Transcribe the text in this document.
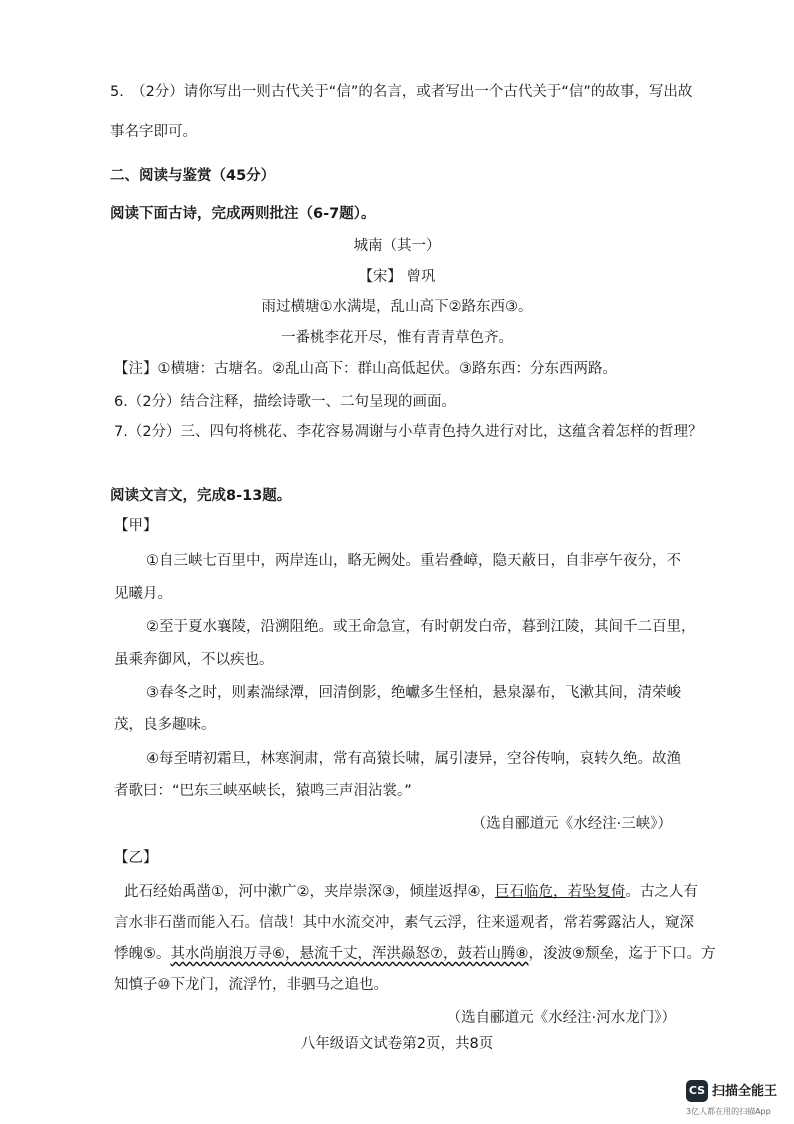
5.　（2分）请你写出一则古代关于“信”的名言，或者写出一个古代关于“信”的故事，写出故
事名字即可。
二、阅读与鉴赏（45分）
阅读下面古诗，完成两则批注（6-7题）。
城南（其一）
【宋】 曾巩
雨过横塘①水满堤，乱山高下②路东西③。
一番桃李花开尽，惟有青青草色齐。
【注】①横塘：古塘名。②乱山高下：群山高低起伏。③路东西：分东西两路。
6.（2分）结合注释，描绘诗歌一、二句呈现的画面。
7.（2分）三、四句将桃花、李花容易凋谢与小草青色持久进行对比，这蕴含着怎样的哲理？
阅读文言文，完成8-13题。
【甲】
①自三峡七百里中，两岸连山，略无阙处。重岩叠嶂，隐天蔽日，自非亭午夜分，不
见曦月。
②至于夏水襄陵，沿溯阻绝。或王命急宣，有时朝发白帝，暮到江陵，其间千二百里，
虽乘奔御风，不以疾也。
③春冬之时，则素湍绿潭，回清倒影，绝巘多生怪柏，悬泉瀑布，飞漱其间，清荣峻
茂，良多趣味。
④每至晴初霜旦，林寒涧肃，常有高猿长啸，属引凄异，空谷传响，哀转久绝。故渔
者歌曰：“巴东三峡巫峡长，猿鸣三声泪沾裳。”
（选自郦道元《水经注·三峡》）
【乙】
此石经始禹凿①，河中漱广②，夹岸崇深③，倾崖返捍④，巨石临危，若坠复倚。古之人有
言水非石凿而能入石。信哉！其中水流交冲，素气云浮，往来遥观者，常若雾露沾人，窥深
悸魄⑤。其水尚崩浪万寻⑥，悬流千丈，浑洪赑怒⑦，鼓若山腾⑧，浚波⑨颓垒，迄于下口。方
知慎子⑩下龙门，流浮竹，非驷马之追也。
（选自郦道元《水经注·河水龙门》）
八年级语文试卷第2页，共8页
CS 扫描全能王
3亿人都在用的扫描App
